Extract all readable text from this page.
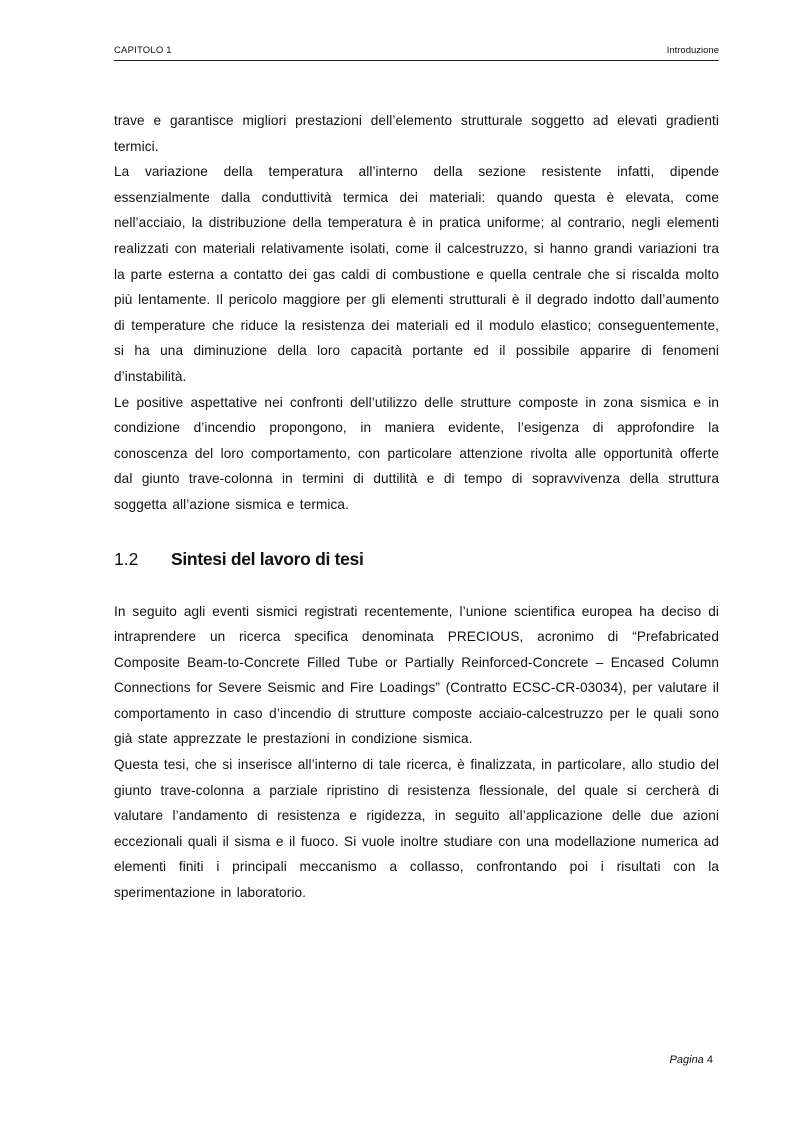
CAPITOLO 1	Introduzione

trave e garantisce migliori prestazioni dell’elemento strutturale soggetto ad elevati gradienti termici.

La variazione della temperatura all’interno della sezione resistente infatti, dipende essenzialmente dalla conduttività termica dei materiali: quando questa è elevata, come nell’acciaio, la distribuzione della temperatura è in pratica uniforme; al contrario, negli elementi realizzati con materiali relativamente isolati, come il calcestruzzo, si hanno grandi variazioni tra la parte esterna a contatto dei gas caldi di combustione e quella centrale che si riscalda molto più lentamente. Il pericolo maggiore per gli elementi strutturali è il degrado indotto dall’aumento di temperature che riduce la resistenza dei materiali ed il modulo elastico; conseguentemente, si ha una diminuzione della loro capacità portante ed il possibile apparire di fenomeni d’instabilità.

Le positive aspettative nei confronti dell’utilizzo delle strutture composte in zona sismica e in condizione d’incendio propongono, in maniera evidente, l’esigenza di approfondire la conoscenza del loro comportamento, con particolare attenzione rivolta alle opportunità offerte dal giunto trave-colonna in termini di duttilità e di tempo di sopravvivenza della struttura soggetta all’azione sismica e termica.

1.2	Sintesi del lavoro di tesi

In seguito agli eventi sismici registrati recentemente, l’unione scientifica europea ha deciso di intraprendere un ricerca specifica denominata PRECIOUS, acronimo di “Prefabricated Composite Beam-to-Concrete Filled Tube or Partially Reinforced-Concrete – Encased Column Connections for Severe Seismic and Fire Loadings” (Contratto ECSC-CR-03034), per valutare il comportamento in caso d’incendio di strutture composte acciaio-calcestruzzo per le quali sono già state apprezzate le prestazioni in condizione sismica.

Questa tesi, che si inserisce all’interno di tale ricerca, è finalizzata, in particolare, allo studio del giunto trave-colonna a parziale ripristino di resistenza flessionale, del quale si cercherà di valutare l’andamento di resistenza e rigidezza, in seguito all’applicazione delle due azioni eccezionali quali il sisma e il fuoco. Si vuole inoltre studiare con una modellazione numerica ad elementi finiti i principali meccanismo a collasso, confrontando poi i risultati con la sperimentazione in laboratorio.

Pagina 4
